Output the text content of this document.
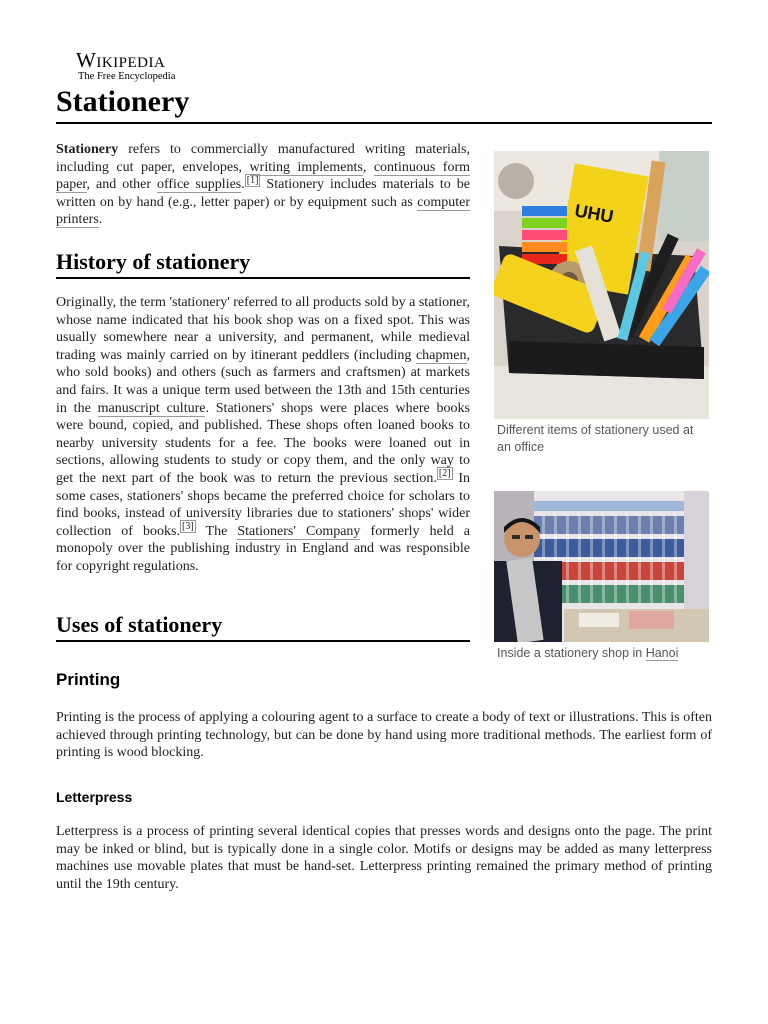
Wikipedia
The Free Encyclopedia
Stationery

Stationery refers to commercially manufactured writing materials, including cut paper, envelopes, writing implements, continuous form paper, and other office supplies. [1] Stationery includes materials to be written on by hand (e.g., letter paper) or by equipment such as computer printers.

History of stationery

Originally, the term 'stationery' referred to all products sold by a stationer, whose name indicated that his book shop was on a fixed spot. This was usually somewhere near a university, and permanent, while medieval trading was mainly carried on by itinerant peddlers (including chapmen, who sold books) and others (such as farmers and craftsmen) at markets and fairs. It was a unique term used between the 13th and 15th centuries in the manuscript culture. Stationers' shops were places where books were bound, copied, and published. These shops often loaned books to nearby university students for a fee. The books were loaned out in sections, allowing students to study or copy them, and the only way to get the next part of the book was to return the previous section. [2] In some cases, stationers' shops became the preferred choice for scholars to find books, instead of university libraries due to stationers' shops' wider collection of books. [3] The Stationers' Company formerly held a monopoly over the publishing industry in England and was responsible for copyright regulations.

Uses of stationery
Printing

Printing is the process of applying a colouring agent to a surface to create a body of text or illustrations. This is often achieved through printing technology, but can be done by hand using more traditional methods. The earliest form of printing is wood blocking.

Letterpress

Letterpress is a process of printing several identical copies that presses words and designs onto the page. The print may be inked or blind, but is typically done in a single color. Motifs or designs may be added as many letterpress machines use movable plates that must be hand-set. Letterpress printing remained the primary method of printing until the 19th century.

UHU
Different items of stationery used at an office
Inside a stationery shop in Hanoi
